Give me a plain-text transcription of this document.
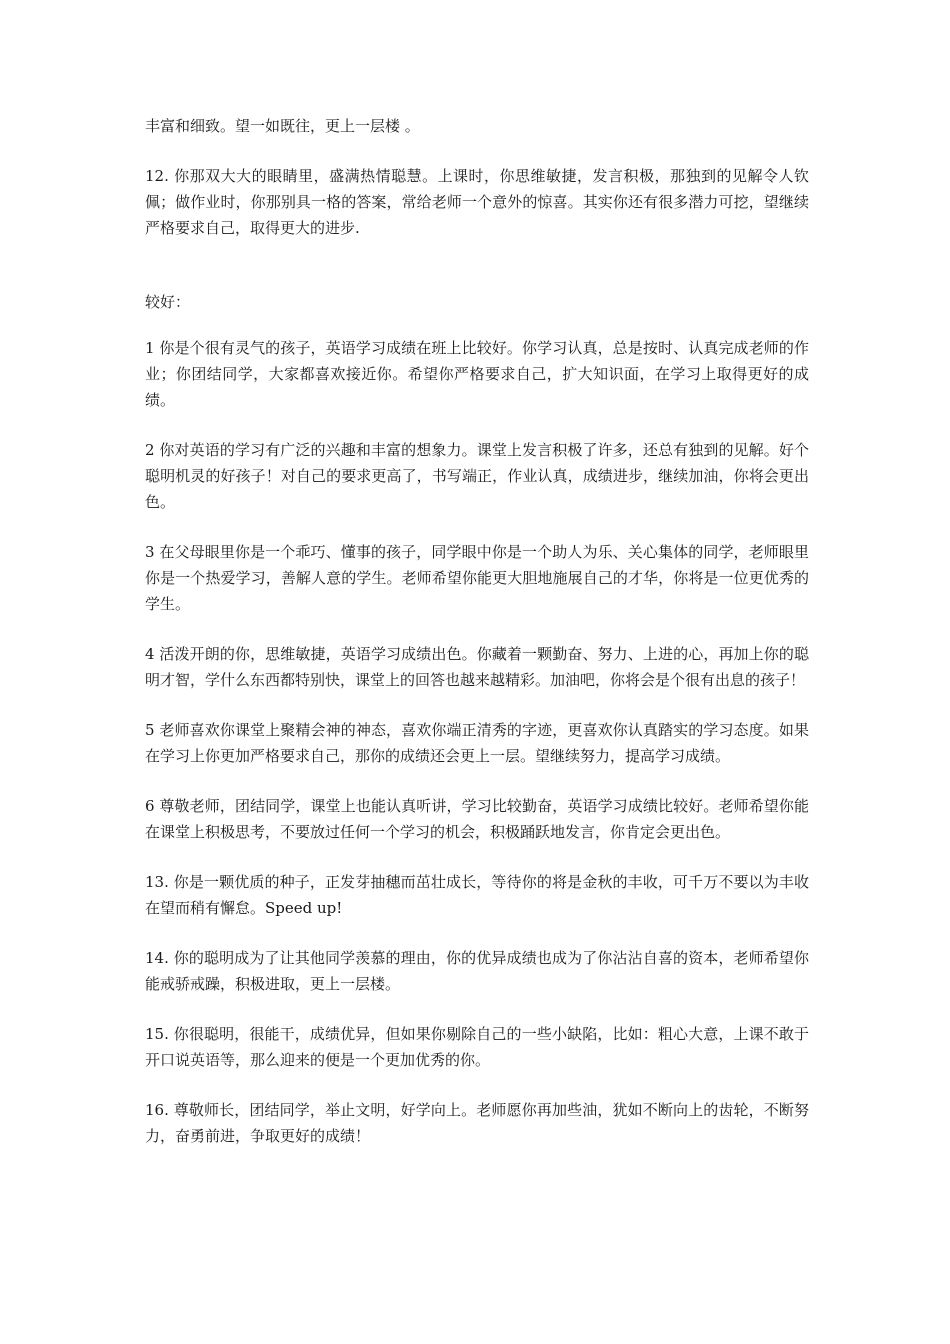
丰富和细致。望一如既往，更上一层楼 。

12. 你那双大大的眼睛里，盛满热情聪慧。上课时，你思维敏捷，发言积极，那独到的见解令人钦佩；做作业时，你那别具一格的答案，常给老师一个意外的惊喜。其实你还有很多潜力可挖，望继续严格要求自己，取得更大的进步.

较好：

1 你是个很有灵气的孩子，英语学习成绩在班上比较好。你学习认真，总是按时、认真完成老师的作业；你团结同学，大家都喜欢接近你。希望你严格要求自己，扩大知识面，在学习上取得更好的成绩。

2 你对英语的学习有广泛的兴趣和丰富的想象力。课堂上发言积极了许多，还总有独到的见解。好个聪明机灵的好孩子！对自己的要求更高了，书写端正，作业认真，成绩进步，继续加油，你将会更出色。

3 在父母眼里你是一个乖巧、懂事的孩子，同学眼中你是一个助人为乐、关心集体的同学，老师眼里你是一个热爱学习，善解人意的学生。老师希望你能更大胆地施展自己的才华，你将是一位更优秀的学生。

4 活泼开朗的你，思维敏捷，英语学习成绩出色。你藏着一颗勤奋、努力、上进的心，再加上你的聪明才智，学什么东西都特别快，课堂上的回答也越来越精彩。加油吧，你将会是个很有出息的孩子！

5 老师喜欢你课堂上聚精会神的神态，喜欢你端正清秀的字迹，更喜欢你认真踏实的学习态度。如果在学习上你更加严格要求自己，那你的成绩还会更上一层。望继续努力，提高学习成绩。

6 尊敬老师，团结同学，课堂上也能认真听讲，学习比较勤奋，英语学习成绩比较好。老师希望你能在课堂上积极思考，不要放过任何一个学习的机会，积极踊跃地发言，你肯定会更出色。

13. 你是一颗优质的种子，正发芽抽穗而茁壮成长，等待你的将是金秋的丰收，可千万不要以为丰收在望而稍有懈怠。Speed up!

14. 你的聪明成为了让其他同学羡慕的理由，你的优异成绩也成为了你沾沾自喜的资本，老师希望你能戒骄戒躁，积极进取，更上一层楼。

15. 你很聪明，很能干，成绩优异，但如果你剔除自己的一些小缺陷，比如：粗心大意，上课不敢于开口说英语等，那么迎来的便是一个更加优秀的你。

16. 尊敬师长，团结同学，举止文明，好学向上。老师愿你再加些油，犹如不断向上的齿轮，不断努力，奋勇前进，争取更好的成绩！
